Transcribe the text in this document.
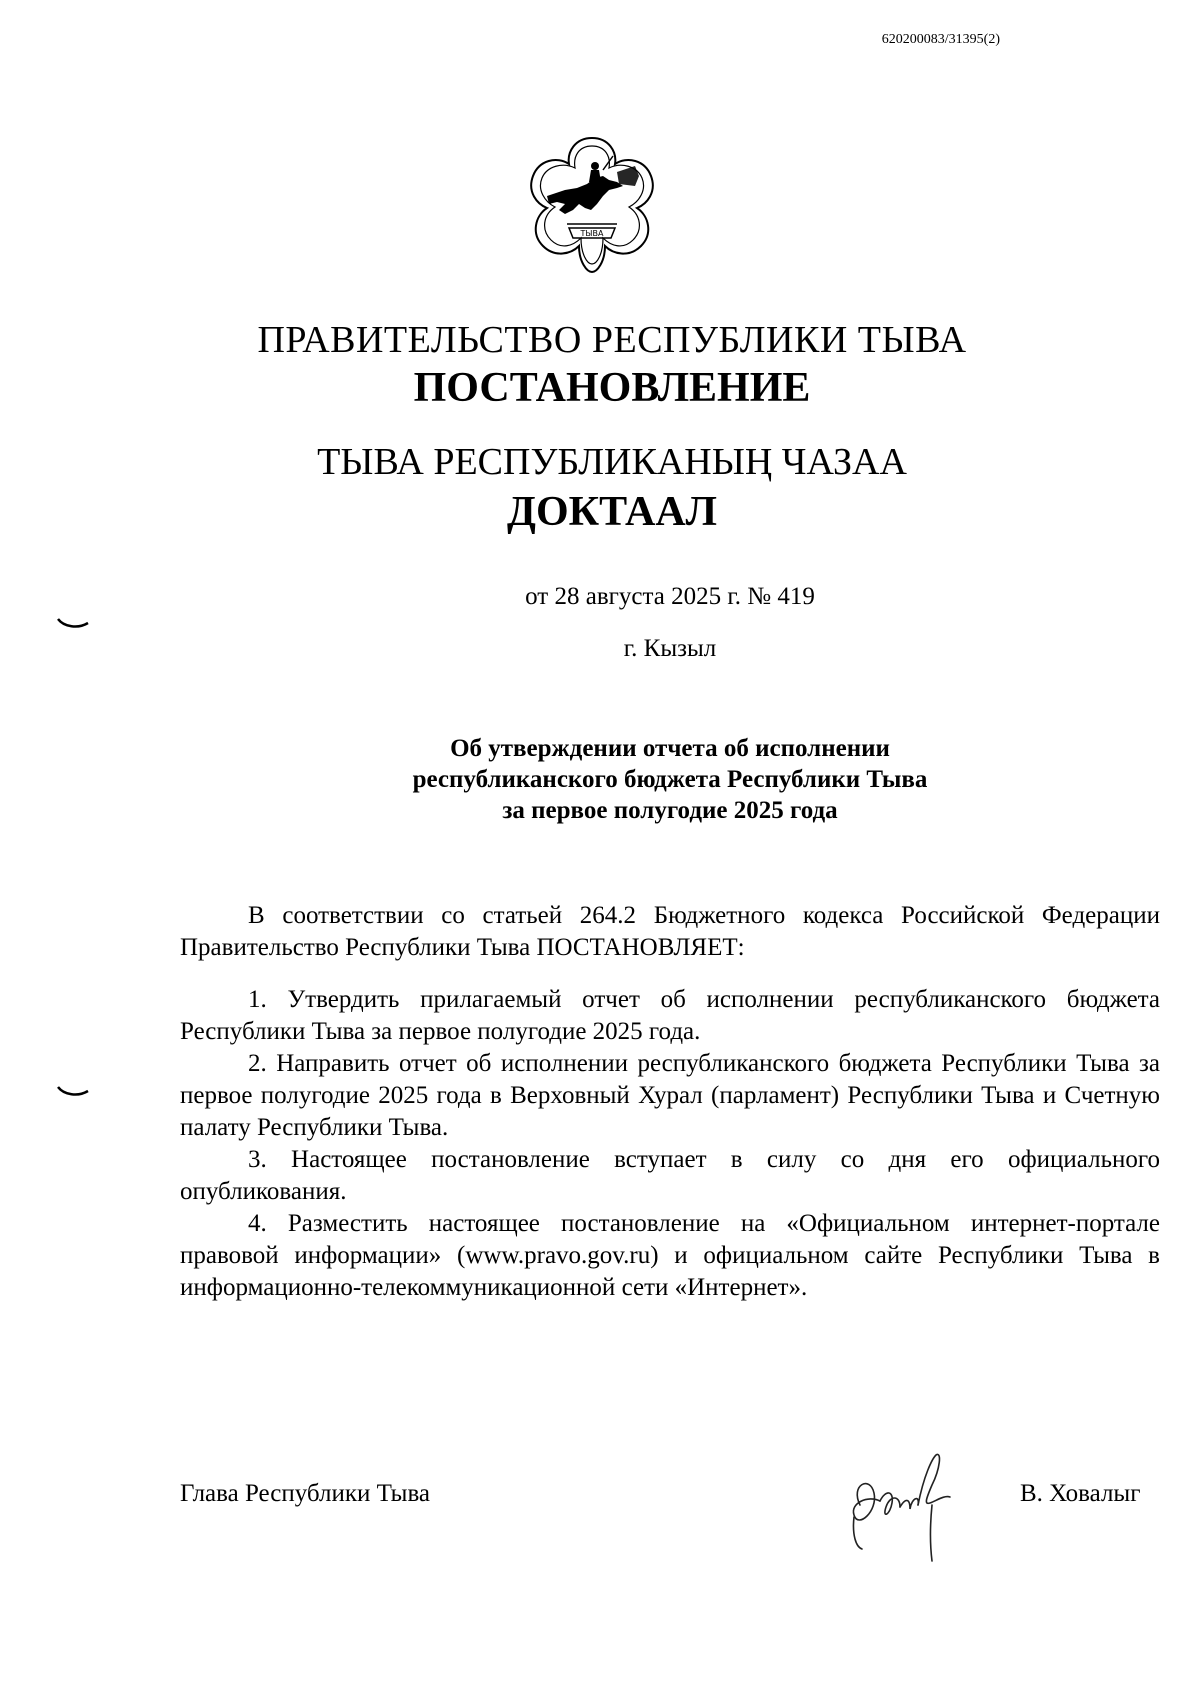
620200083/31395(2)
ТЫВА
ПРАВИТЕЛЬСТВО РЕСПУБЛИКИ ТЫВА
ПОСТАНОВЛЕНИЕ
ТЫВА РЕСПУБЛИКАНЫҢ ЧАЗАА
ДОКТААЛ
от 28 августа 2025 г. № 419
г. Кызыл
Об утверждении отчета об исполнении
республиканского бюджета Республики Тыва
за первое полугодие 2025 года

В соответствии со статьей 264.2 Бюджетного кодекса Российской Федерации Правительство Республики Тыва ПОСТАНОВЛЯЕТ:

1. Утвердить прилагаемый отчет об исполнении республиканского бюджета Республики Тыва за первое полугодие 2025 года.

2. Направить отчет об исполнении республиканского бюджета Республики Тыва за первое полугодие 2025 года в Верховный Хурал (парламент) Республики Тыва и Счетную палату Республики Тыва.

3. Настоящее постановление вступает в силу со дня его официального опубликования.

4. Разместить настоящее постановление на «Официальном интернет-портале правовой информации» (www.pravo.gov.ru) и официальном сайте Республики Тыва в информационно-телекоммуникационной сети «Интернет».

Глава Республики Тыва	В. Ховалыг
